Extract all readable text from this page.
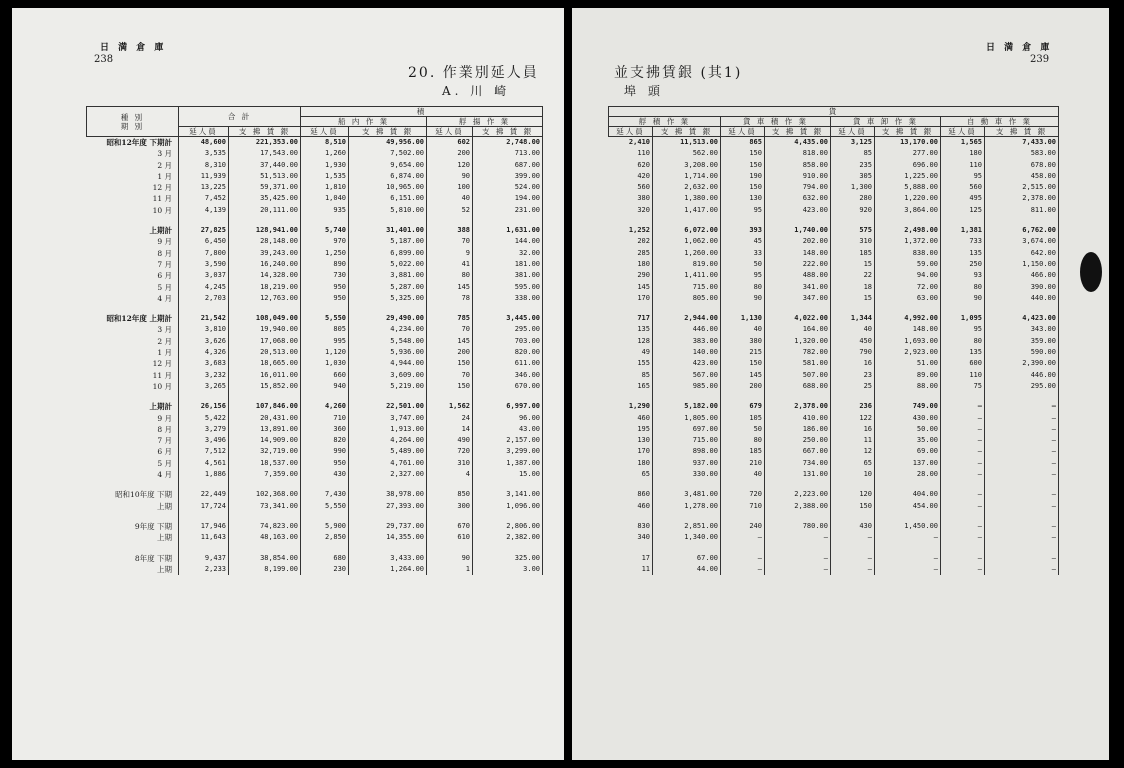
日 満 倉 庫
238
20. 作業別延人員
A. 川 崎
種 別
期 別	合 計		積			
			船 内 作 業		艀 揚 作 業	
	延人員	支 拂 賃 銀	延人員	支 拂 賃 銀	延人員	支 拂 賃 銀
昭和12年度 下期計	48,600	221,353.00	8,510	49,956.00	602	2,748.00
3 月	3,535	17,543.00	1,260	7,502.00	200	713.00
2 月	8,310	37,440.00	1,930	9,654.00	120	687.00
1 月	11,939	51,513.00	1,535	6,874.00	90	399.00
12 月	13,225	59,371.00	1,810	10,965.00	100	524.00
11 月	7,452	35,425.00	1,040	6,151.00	40	194.00
10 月	4,139	20,111.00	935	5,810.00	52	231.00

上期計	27,825	128,941.00	5,740	31,401.00	388	1,631.00
9 月	6,450	28,148.00	970	5,187.00	70	144.00
8 月	7,800	39,243.00	1,250	6,899.00	9	32.00
7 月	3,590	16,240.00	890	5,022.00	41	181.00
6 月	3,037	14,328.00	730	3,881.00	80	381.00
5 月	4,245	18,219.00	950	5,287.00	145	595.00
4 月	2,703	12,763.00	950	5,325.00	78	338.00

昭和12年度 上期計	21,542	108,049.00	5,550	29,490.00	785	3,445.00
3 月	3,810	19,940.00	805	4,234.00	70	295.00
2 月	3,626	17,068.00	995	5,548.00	145	703.00
1 月	4,326	20,513.00	1,120	5,936.00	200	820.00
12 月	3,683	18,665.00	1,030	4,944.00	150	611.00
11 月	3,232	16,011.00	660	3,609.00	70	346.00
10 月	3,265	15,852.00	940	5,219.00	150	670.00

上期計	26,156	107,846.00	4,260	22,501.00	1,562	6,997.00
9 月	5,422	20,431.00	710	3,747.00	24	96.00
8 月	3,279	13,891.00	360	1,913.00	14	43.00
7 月	3,496	14,909.00	820	4,264.00	490	2,157.00
6 月	7,512	32,719.00	990	5,489.00	720	3,299.00
5 月	4,561	18,537.00	950	4,761.00	310	1,387.00
4 月	1,886	7,359.00	430	2,327.00	4	15.00

昭和10年度 下期	22,449	102,368.00	7,430	38,978.00	850	3,141.00
上期	17,724	73,341.00	5,550	27,393.00	300	1,096.00

9年度 下期	17,946	74,823.00	5,900	29,737.00	670	2,806.00
上期	11,643	48,163.00	2,850	14,355.00	610	2,382.00

8年度 下期	9,437	38,854.00	680	3,433.00	90	325.00
上期	2,233	8,199.00	230	1,264.00	1	3.00
日 満 倉 庫
239
並支拂賃銀 (其1)
埠 頭
貨							
艀 積 作 業		貨 車 積 作 業		貨 車 卸 作 業		自 動 車 作 業	
延人員	支 拂 賃 銀	延人員	支 拂 賃 銀	延人員	支 拂 賃 銀	延人員	支 拂 賃 銀
2,410	11,513.00	865	4,435.00	3,125	13,170.00	1,565	7,433.00
110	562.00	150	818.00	85	277.00	180	583.00
620	3,208.00	150	858.00	235	696.00	110	678.00
420	1,714.00	190	910.00	305	1,225.00	95	458.00
560	2,632.00	150	794.00	1,300	5,888.00	560	2,515.00
380	1,380.00	130	632.00	280	1,220.00	495	2,378.00
320	1,417.00	95	423.00	920	3,864.00	125	811.00

1,252	6,072.00	393	1,740.00	575	2,498.00	1,381	6,762.00
202	1,062.00	45	202.00	310	1,372.00	733	3,674.00
285	1,260.00	33	148.00	185	838.00	135	642.00
180	819.00	50	222.00	15	59.00	250	1,150.00
290	1,411.00	95	488.00	22	94.00	93	466.00
145	715.00	80	341.00	18	72.00	80	390.00
170	805.00	90	347.00	15	63.00	90	440.00

717	2,944.00	1,130	4,022.00	1,344	4,992.00	1,095	4,423.00
135	446.00	40	164.00	40	148.00	95	343.00
128	383.00	380	1,320.00	450	1,693.00	80	359.00
49	140.00	215	782.00	790	2,923.00	135	590.00
155	423.00	150	581.00	16	51.00	600	2,390.00
85	567.00	145	507.00	23	89.00	110	446.00
165	985.00	200	688.00	25	88.00	75	295.00

1,290	5,182.00	679	2,378.00	236	749.00	—	—
460	1,805.00	105	410.00	122	430.00	—	—
195	697.00	50	186.00	16	50.00	—	—
130	715.00	80	250.00	11	35.00	—	—
170	898.00	185	667.00	12	69.00	—	—
180	937.00	210	734.00	65	137.00	—	—
65	330.00	40	131.00	10	28.00	—	—

860	3,481.00	720	2,223.00	120	404.00	—	—
460	1,278.00	710	2,388.00	150	454.00	—	—

830	2,851.00	240	780.00	430	1,450.00	—	—
340	1,340.00	—	—	—	—	—	—

17	67.00	—	—	—	—	—	—
11	44.00	—	—	—	—	—	—
